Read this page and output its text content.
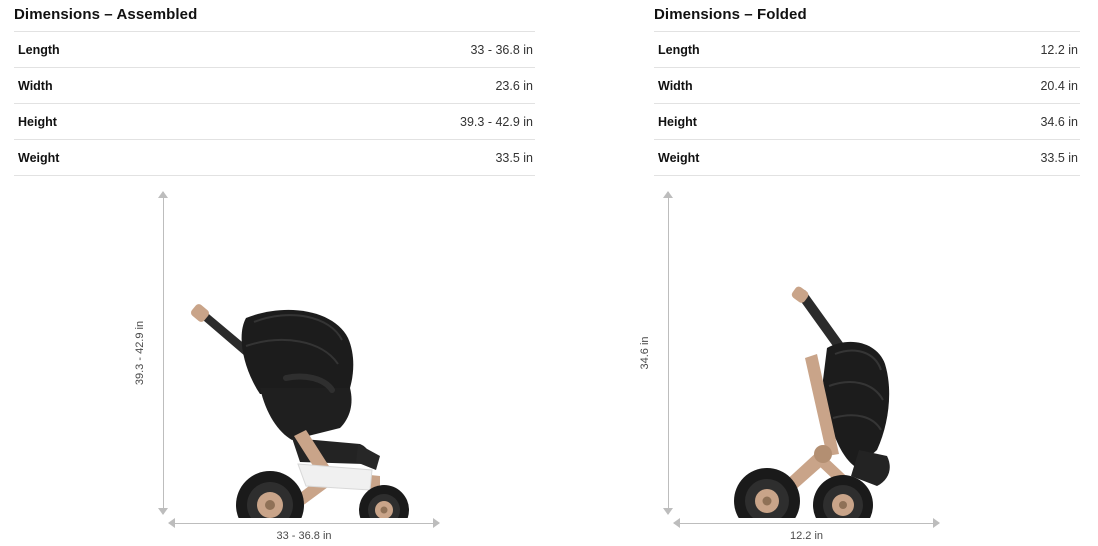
Dimensions – Assembled
Length	33 - 36.8 in
Width	23.6 in
Height	39.3 - 42.9 in
Weight	33.5 in
39.3 - 42.9 in
33 - 36.8 in
Dimensions – Folded
Length	12.2 in
Width	20.4 in
Height	34.6 in
Weight	33.5 in
34.6 in
12.2 in
